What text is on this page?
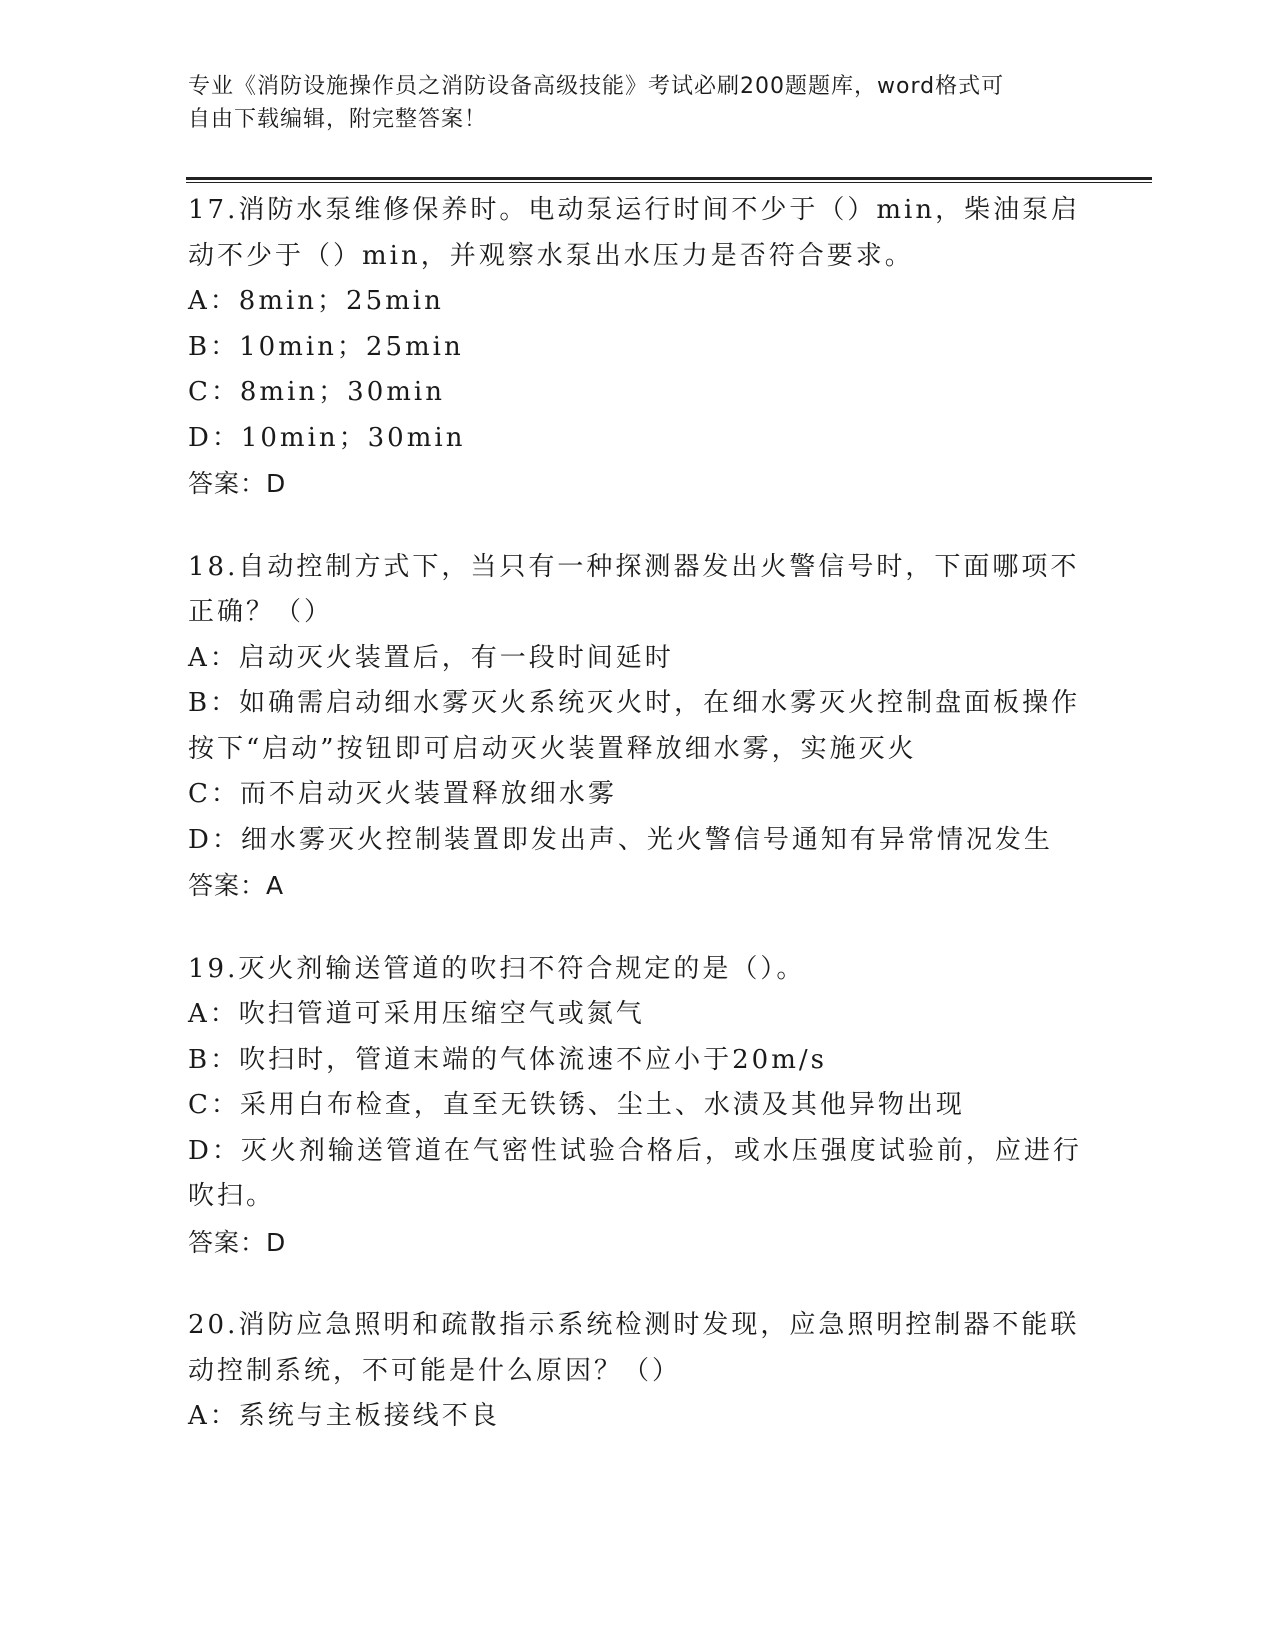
专业《消防设施操作员之消防设备高级技能》考试必刷200题题库，word格式可
自由下载编辑，附完整答案！
17.消防水泵维修保养时。电动泵运行时间不少于（）min，柴油泵启
动不少于（）min，并观察水泵出水压力是否符合要求。
A：8min；25min
B：10min；25min
C：8min；30min
D：10min；30min
答案：D
18.自动控制方式下，当只有一种探测器发出火警信号时，下面哪项不
正确？（）
A：启动灭火装置后，有一段时间延时
B：如确需启动细水雾灭火系统灭火时，在细水雾灭火控制盘面板操作
按下“启动”按钮即可启动灭火装置释放细水雾，实施灭火
C：而不启动灭火装置释放细水雾
D：细水雾灭火控制装置即发出声、光火警信号通知有异常情况发生
答案：A
19.灭火剂输送管道的吹扫不符合规定的是（）。
A：吹扫管道可采用压缩空气或氮气
B：吹扫时，管道末端的气体流速不应小于20m/s
C：采用白布检查，直至无铁锈、尘土、水渍及其他异物出现
D：灭火剂输送管道在气密性试验合格后，或水压强度试验前，应进行
吹扫。
答案：D
20.消防应急照明和疏散指示系统检测时发现，应急照明控制器不能联
动控制系统，不可能是什么原因？（）
A：系统与主板接线不良
